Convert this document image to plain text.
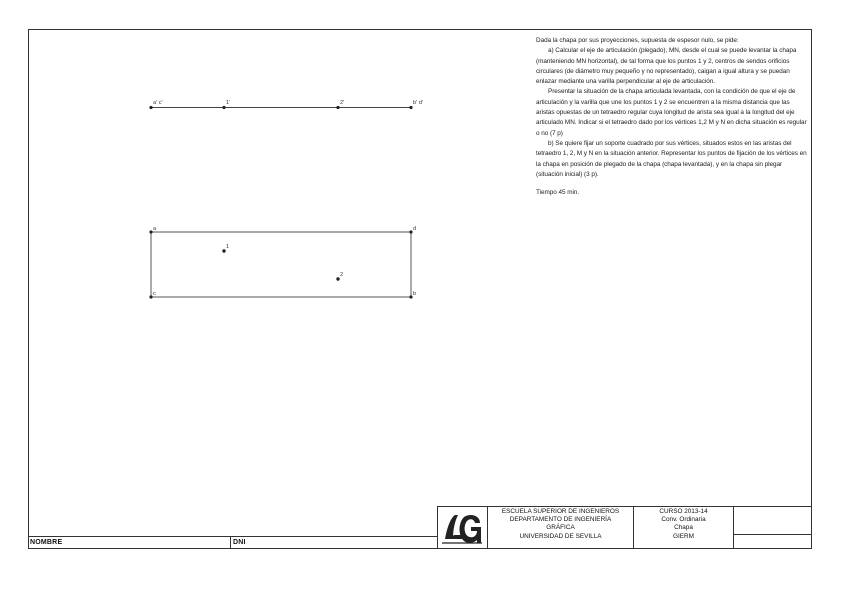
a' c'	1'	2'	b' d'
a	d
c	b
1
2

Dada la chapa por sus proyecciones, supuesta de espesor nulo, se pide:

a) Calcular el eje de articulación (plegado), MN, desde el cual se puede levantar la chapa (manteniendo MN horizontal), de tal forma que los puntos 1 y 2, centros de sendos orificios circulares (de diámetro muy pequeño y no representado), caigan a igual altura y se puedan enlazar mediante una varilla perpendicular al eje de articulación.

Presentar la situación de la chapa articulada levantada, con la condición de que el eje de articulación y la varilla que une los puntos 1 y 2 se encuentren a la misma distancia que las aristas opuestas de un tetraedro regular cuya longitud de arista sea igual a la longitud del eje articulado MN. Indicar si el tetraedro dado por los vértices 1,2 M y N en dicha situación es regular o no (7 p)

b) Se quiere fijar un soporte cuadrado por sus vértices, situados estos en las aristas del tetraedro 1, 2, M y N en la situación anterior. Representar los puntos de fijación de los vértices en la chapa en posición de plegado de la chapa (chapa levantada), y en la chapa sin plegar (situación inicial) (3 p).

Tiempo 45 min.

NOMBRE	DNI
ESCUELA SUPERIOR DE INGENIEROS
DEPARTAMENTO DE INGENIERÍA
GRÁFICA
UNIVERSIDAD DE SEVILLA
CURSO 2013-14
Conv. Ordinaria
Chapa
GIERM
